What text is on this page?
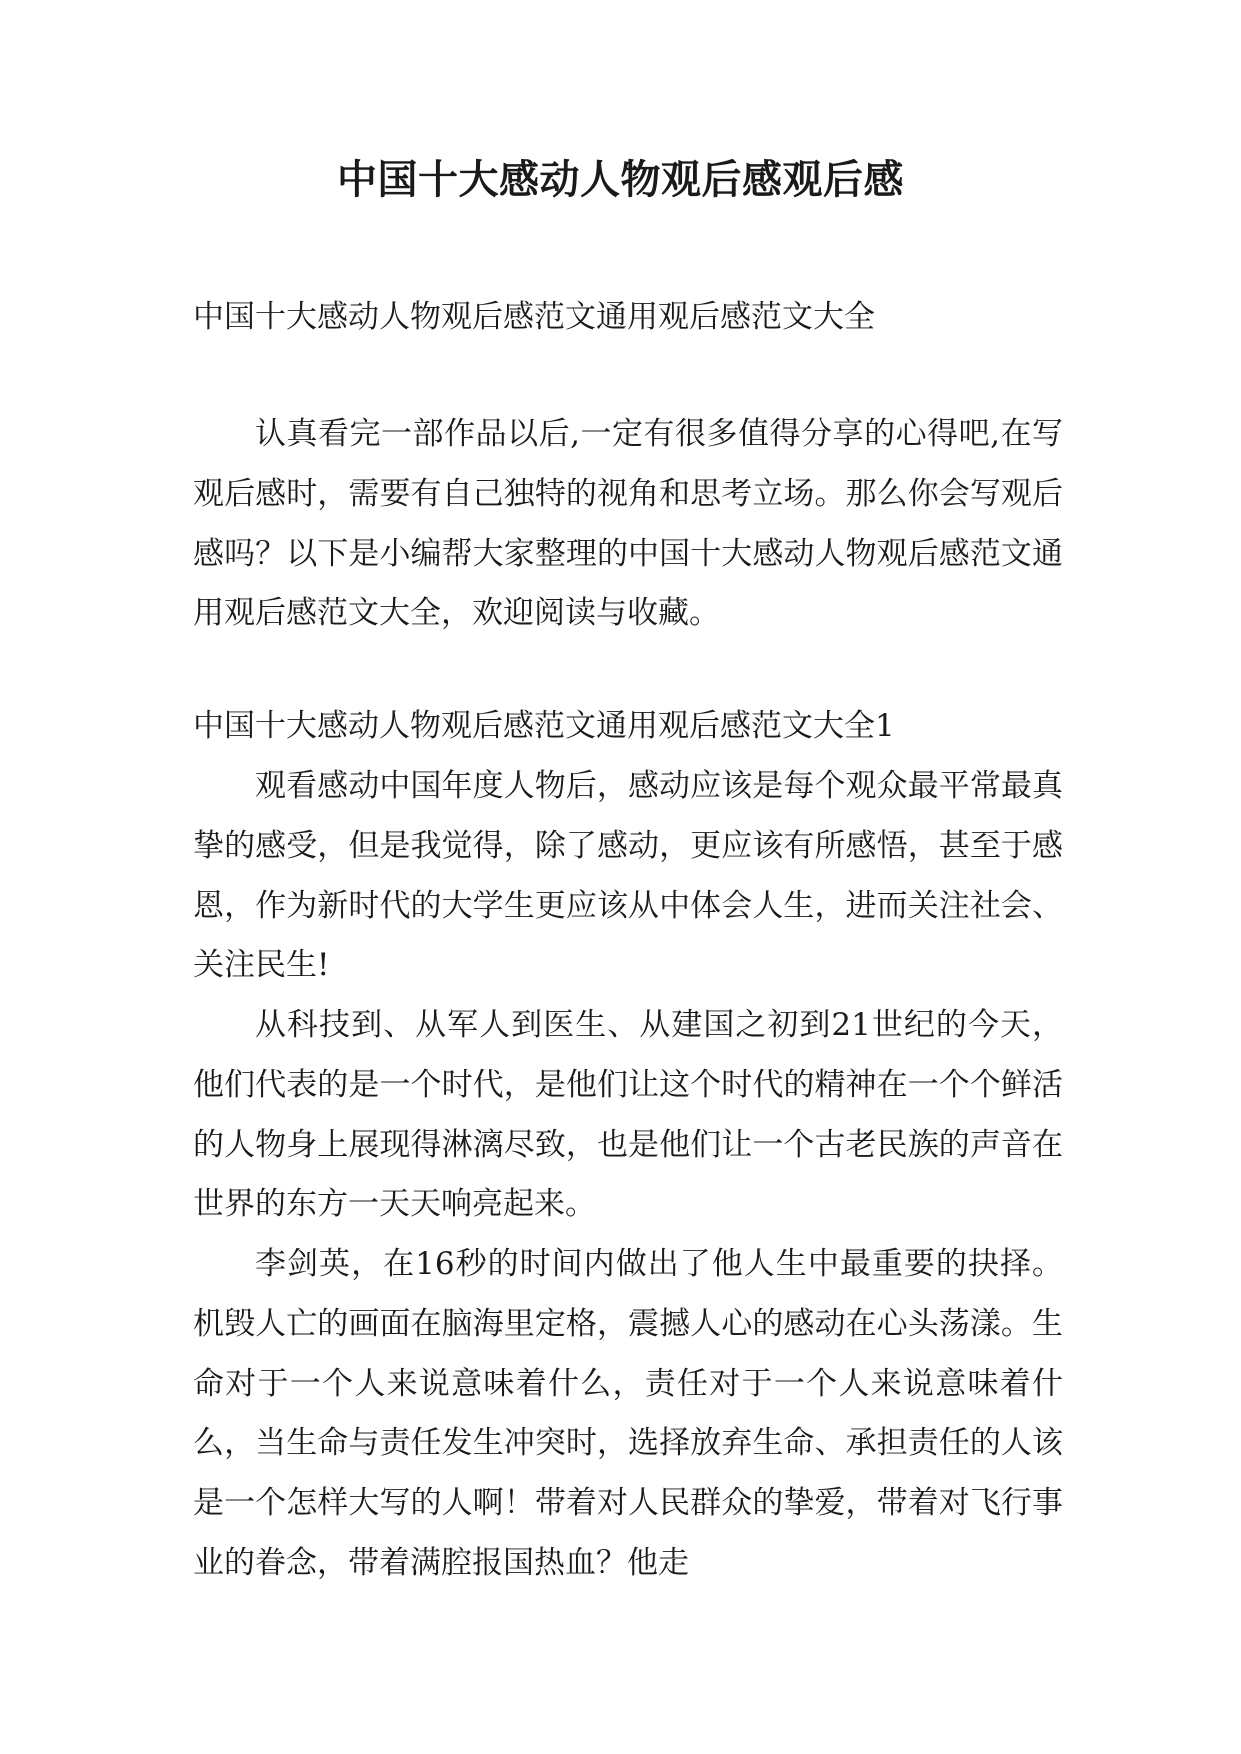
中国十大感动人物观后感观后感

中国十大感动人物观后感范文通用观后感范文大全

认真看完一部作品以后,一定有很多值得分享的心得吧,在写观后感时，需要有自己独特的视角和思考立场。那么你会写观后感吗？以下是小编帮大家整理的中国十大感动人物观后感范文通用观后感范文大全，欢迎阅读与收藏。

中国十大感动人物观后感范文通用观后感范文大全1

观看感动中国年度人物后，感动应该是每个观众最平常最真挚的感受，但是我觉得，除了感动，更应该有所感悟，甚至于感恩，作为新时代的大学生更应该从中体会人生，进而关注社会、关注民生!

从科技到、从军人到医生、从建国之初到21世纪的今天，他们代表的是一个时代，是他们让这个时代的精神在一个个鲜活的人物身上展现得淋漓尽致，也是他们让一个古老民族的声音在世界的东方一天天响亮起来。

李剑英，在16秒的时间内做出了他人生中最重要的抉择。机毁人亡的画面在脑海里定格，震撼人心的感动在心头荡漾。生命对于一个人来说意味着什么，责任对于一个人来说意味着什么，当生命与责任发生冲突时，选择放弃生命、承担责任的人该是一个怎样大写的人啊！带着对人民群众的挚爱，带着对飞行事业的眷念，带着满腔报国热血？他走
